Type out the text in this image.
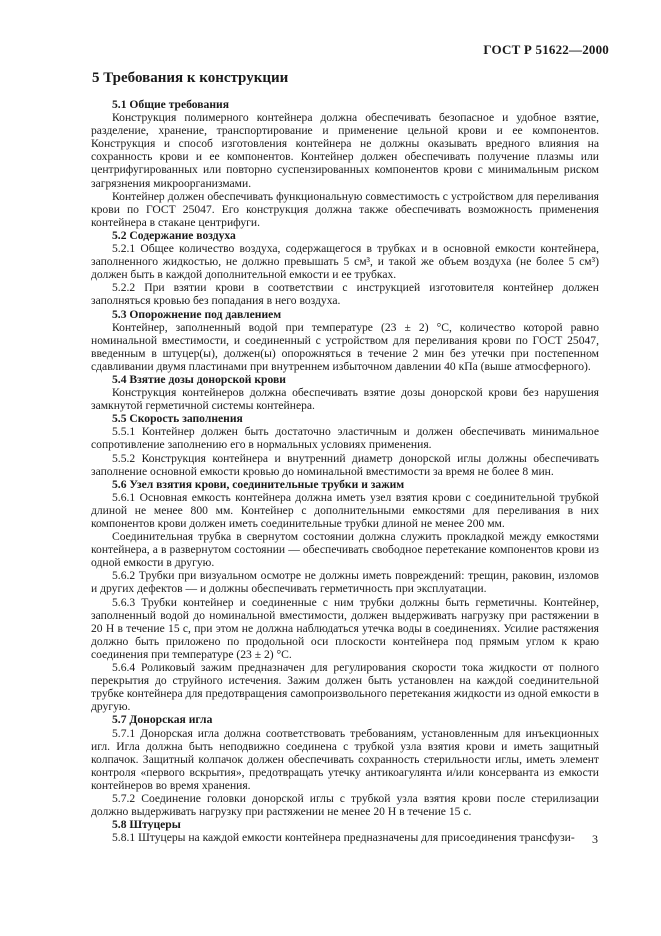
ГОСТ Р 51622—2000
5 Требования к конструкции

5.1 Общие требования

Конструкция полимерного контейнера должна обеспечивать безопасное и удобное взятие, разделение, хранение, транспортирование и применение цельной крови и ее компонентов. Конструкция и способ изготовления контейнера не должны оказывать вредного влияния на сохранность крови и ее компонентов. Контейнер должен обеспечивать получение плазмы или центрифугированных или повторно суспензированных компонентов крови с минимальным риском загрязнения микроорганизмами.

Контейнер должен обеспечивать функциональную совместимость с устройством для переливания крови по ГОСТ 25047. Его конструкция должна также обеспечивать возможность применения контейнера в стакане центрифуги.

5.2 Содержание воздуха

5.2.1 Общее количество воздуха, содержащегося в трубках и в основной емкости контейнера, заполненного жидкостью, не должно превышать 5 см³, и такой же объем воздуха (не более 5 см³) должен быть в каждой дополнительной емкости и ее трубках.

5.2.2 При взятии крови в соответствии с инструкцией изготовителя контейнер должен заполняться кровью без попадания в него воздуха.

5.3 Опорожнение под давлением

Контейнер, заполненный водой при температуре (23 ± 2) °С, количество которой равно номинальной вместимости, и соединенный с устройством для переливания крови по ГОСТ 25047, введенным в штуцер(ы), должен(ы) опорожняться в течение 2 мин без утечки при постепенном сдавливании двумя пластинами при внутреннем избыточном давлении 40 кПа (выше атмосферного).

5.4 Взятие дозы донорской крови

Конструкция контейнеров должна обеспечивать взятие дозы донорской крови без нарушения замкнутой герметичной системы контейнера.

5.5 Скорость заполнения

5.5.1 Контейнер должен быть достаточно эластичным и должен обеспечивать минимальное сопротивление заполнению его в нормальных условиях применения.

5.5.2 Конструкция контейнера и внутренний диаметр донорской иглы должны обеспечивать заполнение основной емкости кровью до номинальной вместимости за время не более 8 мин.

5.6 Узел взятия крови, соединительные трубки и зажим

5.6.1 Основная емкость контейнера должна иметь узел взятия крови с соединительной трубкой длиной не менее 800 мм. Контейнер с дополнительными емкостями для переливания в них компонентов крови должен иметь соединительные трубки длиной не менее 200 мм.

Соединительная трубка в свернутом состоянии должна служить прокладкой между емкостями контейнера, а в развернутом состоянии — обеспечивать свободное перетекание компонентов крови из одной емкости в другую.

5.6.2 Трубки при визуальном осмотре не должны иметь повреждений: трещин, раковин, изломов и других дефектов — и должны обеспечивать герметичность при эксплуатации.

5.6.3 Трубки контейнер и соединенные с ним трубки должны быть герметичны. Контейнер, заполненный водой до номинальной вместимости, должен выдерживать нагрузку при растяжении в 20 Н в течение 15 с, при этом не должна наблюдаться утечка воды в соединениях. Усилие растяжения должно быть приложено по продольной оси плоскости контейнера под прямым углом к краю соединения при температуре (23 ± 2) °С.

5.6.4 Роликовый зажим предназначен для регулирования скорости тока жидкости от полного перекрытия до струйного истечения. Зажим должен быть установлен на каждой соединительной трубке контейнера для предотвращения самопроизвольного перетекания жидкости из одной емкости в другую.

5.7 Донорская игла

5.7.1 Донорская игла должна соответствовать требованиям, установленным для инъекционных игл. Игла должна быть неподвижно соединена с трубкой узла взятия крови и иметь защитный колпачок. Защитный колпачок должен обеспечивать сохранность стерильности иглы, иметь элемент контроля «первого вскрытия», предотвращать утечку антикоагулянта и/или консерванта из емкости контейнеров во время хранения.

5.7.2 Соединение головки донорской иглы с трубкой узла взятия крови после стерилизации должно выдерживать нагрузку при растяжении не менее 20 Н в течение 15 с.

5.8 Штуцеры

5.8.1 Штуцеры на каждой емкости контейнера предназначены для присоединения трансфузи-	3
